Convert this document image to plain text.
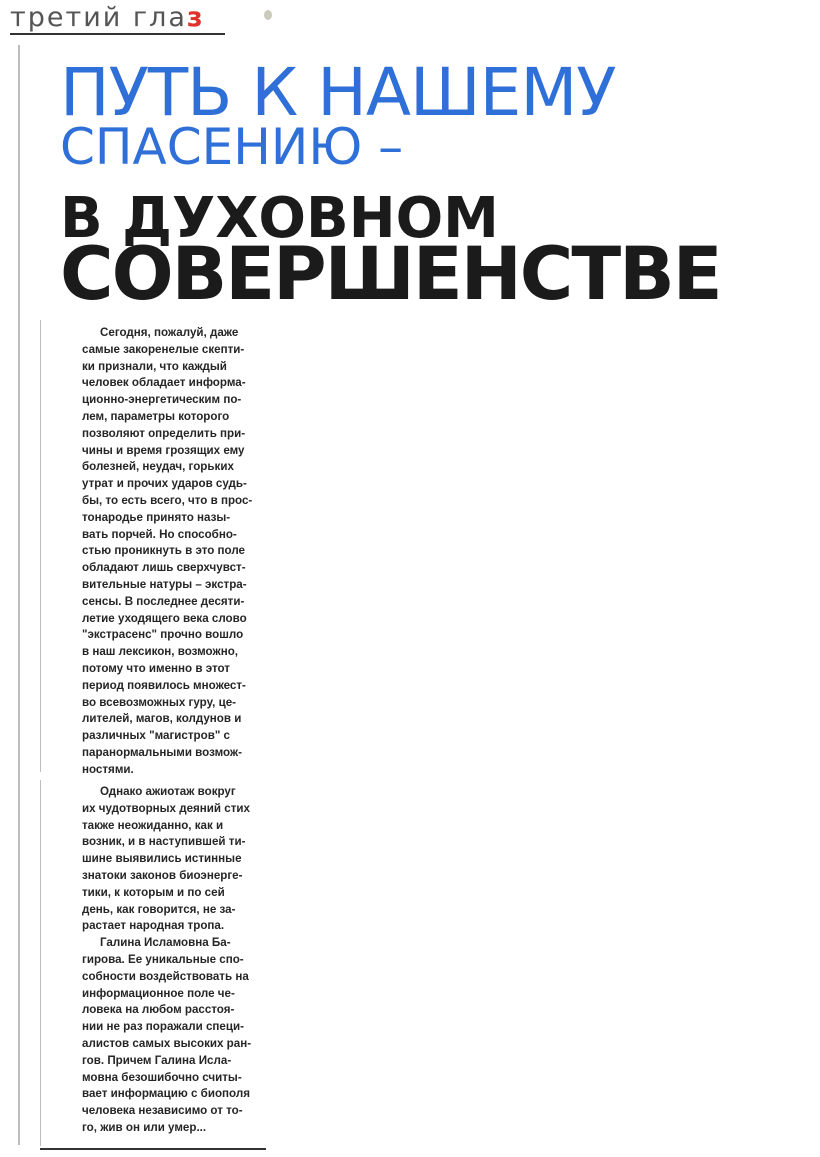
третий глаз
ПУТЬ К НАШЕМУ
СПАСЕНИЮ –
В ДУХОВНОМ
СОВЕРШЕНСТВЕ
Сегодня, пожалуй, даже
самые закоренелые скепти-
ки признали, что каждый
человек обладает информа-
ционно-энергетическим по-
лем, параметры которого
позволяют определить при-
чины и время грозящих ему
болезней, неудач, горьких
утрат и прочих ударов судь-
бы, то есть всего, что в прос-
тонародье принято назы-
вать порчей. Но способно-
стью проникнуть в это поле
обладают лишь сверхчувст-
вительные натуры – экстра-
сенсы. В последнее десяти-
летие уходящего века слово
"экстрасенс" прочно вошло
в наш лексикон, возможно,
потому что именно в этот
период появилось множест-
во всевозможных гуру, це-
лителей, магов, колдунов и
различных "магистров" с
паранормальными возмож-
ностями.
Однако ажиотаж вокруг
их чудотворных деяний стих
также неожиданно, как и
возник, и в наступившей ти-
шине выявились истинные
знатоки законов биоэнерге-
тики, к которым и по сей
день, как говорится, не за-
растает народная тропа.
Галина Исламовна Ба-
гирова. Ее уникальные спо-
собности воздействовать на
информационное поле че-
ловека на любом расстоя-
нии не раз поражали специ-
алистов самых высоких ран-
гов. Причем Галина Исла-
мовна безошибочно считы-
вает информацию с биополя
человека независимо от то-
го, жив он или умер...
